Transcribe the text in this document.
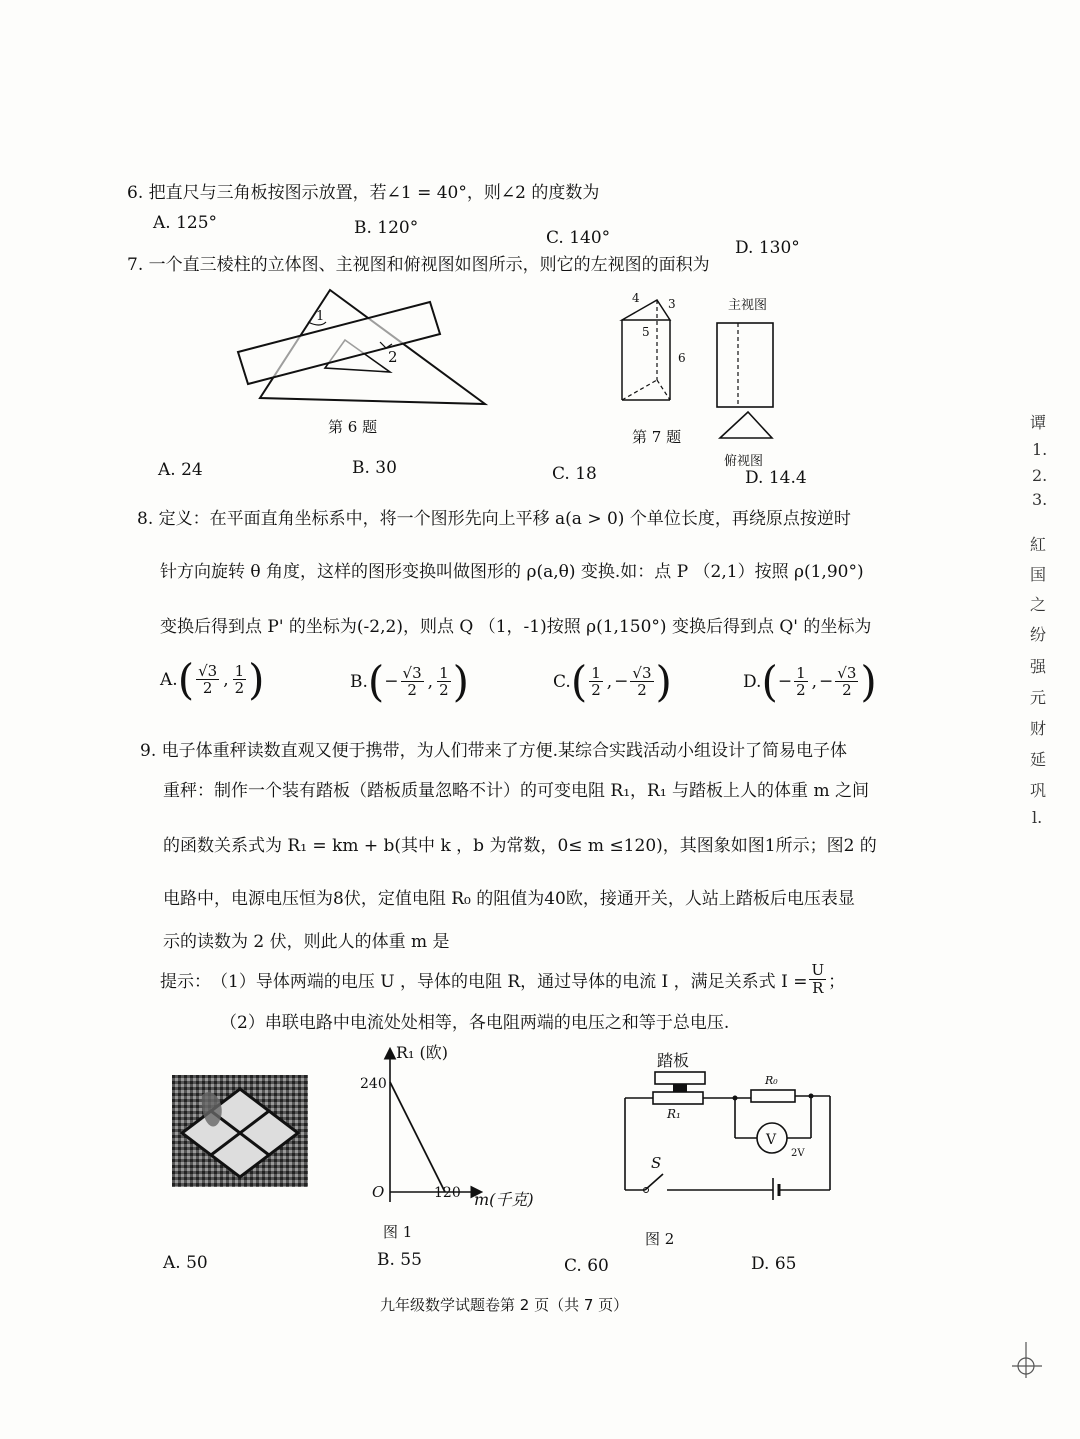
6. 把直尺与三角板按图示放置，若∠1 = 40°，则∠2 的度数为
A. 125°	B. 120°	C. 140°	D. 130°
7. 一个直三棱柱的立体图、主视图和俯视图如图所示，则它的左视图的面积为
1
2
第 6 题
4 3
5
6
主视图
第 7 题
俯视图
A. 24	B. 30	C. 18	D. 14.4
8. 定义：在平面直角坐标系中，将一个图形先向上平移 a(a > 0) 个单位长度，再绕原点按逆时
针方向旋转 θ 角度，这样的图形变换叫做图形的 ρ(a,θ) 变换.如：点 P （2,1）按照 ρ(1,90°)
变换后得到点 P' 的坐标为(-2,2)，则点 Q （1，-1)按照 ρ(1,150°) 变换后得到点 Q' 的坐标为
A. ( $\frac{√3}{2}$ , $\frac{1}{2}$ )	B. ( − $\frac{√3}{2}$ , $\frac{1}{2}$ )	C. ( $\frac{1}{2}$ , − $\frac{√3}{2}$ )	D. ( − $\frac{1}{2}$ , − $\frac{√3}{2}$ )
9. 电子体重秤读数直观又便于携带，为人们带来了方便.某综合实践活动小组设计了简易电子体
重秤：制作一个装有踏板（踏板质量忽略不计）的可变电阻 R₁，R₁ 与踏板上人的体重 m 之间
的函数关系式为 R₁ = km + b(其中 k ，b 为常数，0≤ m ≤120)，其图象如图1所示；图2 的
电路中，电源电压恒为8伏，定值电阻 R₀ 的阻值为40欧，接通开关，人站上踏板后电压表显
示的读数为 2 伏，则此人的体重 m 是
提示： （1）导体两端的电压 U ，导体的电阻 R，通过导体的电流 I ，满足关系式 $I = \frac{U}{R}$ ；
（2）串联电路中电流处处相等，各电阻两端的电压之和等于总电压.
R₁ (欧)
240
120 m(千克)
O
图 1
踏板
R₁
R₀
V
2V
S
图 2
A. 50	B. 55	C. 60	D. 65
九年级数学试题卷第 2 页（共 7 页）
谭
1.
2.
3.
紅
国
之
纷
强
元
财
延
巩
l.
